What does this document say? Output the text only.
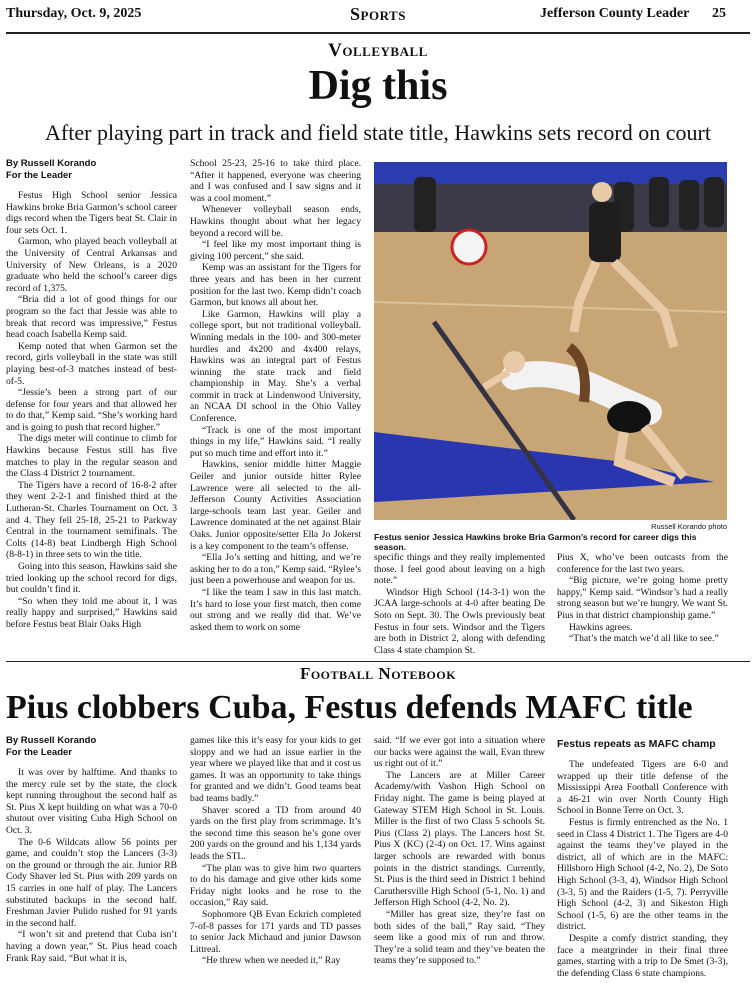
Thursday, Oct. 9, 2025	Sports	Jefferson County Leader 25
Volleyball
Dig this
After playing part in track and field state title, Hawkins sets record on court

By Russell Korando
For the Leader

Festus High School senior Jessica Hawkins broke Bria Garmon’s school career digs record when the Tigers beat St. Clair in four sets Oct. 1.

Garmon, who played beach volleyball at the University of Central Arkansas and University of New Orleans, is a 2020 graduate who held the school’s career digs record of 1,375.

“Bria did a lot of good things for our program so the fact that Jessie was able to break that record was impressive,” Festus head coach Isabella Kemp said.

Kemp noted that when Garmon set the record, girls volleyball in the state was still playing best-of-3 matches instead of best-of-5.

“Jessie’s been a strong part of our defense for four years and that allowed her to do that,” Kemp said. “She’s working hard and is going to push that record higher.”

The digs meter will continue to climb for Hawkins because Festus still has five matches to play in the regular season and the Class 4 District 2 tournament.

The Tigers have a record of 16-8-2 after they went 2-2-1 and finished third at the Lutheran-St. Charles Tournament on Oct. 3 and 4. They fell 25-18, 25-21 to Parkway Central in the tournament semifinals. The Colts (14-8) beat Lindbergh High School (8-8-1) in three sets to win the title.

Going into this season, Hawkins said she tried looking up the school record for digs, but couldn’t find it.

“So when they told me about it, I was really happy and surprised,” Hawkins said before Festus beat Blair Oaks High

School 25-23, 25-16 to take third place. “After it happened, everyone was cheering and I was confused and I saw signs and it was a cool moment.”

Whenever volleyball season ends, Hawkins thought about what her legacy beyond a record will be.

“I feel like my most important thing is giving 100 percent,” she said.

Kemp was an assistant for the Tigers for three years and has been in her current position for the last two. Kemp didn’t coach Garmon, but knows all about her.

Like Garmon, Hawkins will play a college sport, but not traditional volleyball. Winning medals in the 100- and 300-meter hurdles and 4x200 and 4x400 relays, Hawkins was an integral part of Festus winning the state track and field championship in May. She’s a verbal commit in track at Lindenwood University, an NCAA DI school in the Ohio Valley Conference.

“Track is one of the most important things in my life,” Hawkins said. “I really put so much time and effort into it.”

Hawkins, senior middle hitter Maggie Geiler and junior outside hitter Rylee Lawrence were all selected to the all-Jefferson County Activities Association large-schools team last year. Geiler and Lawrence dominated at the net against Blair Oaks. Junior opposite/setter Ella Jo Jokerst is a key component to the team’s offense.

“Ella Jo’s setting and hitting, and we’re asking her to do a ton,” Kemp said. “Rylee’s just been a powerhouse and weapon for us.

“I like the team I saw in this last match. It’s hard to lose your first match, then come out strong and we really did that. We’ve asked them to work on some

Russell Korando photo
Festus senior Jessica Hawkins broke Bria Garmon’s record for career digs this season.

specific things and they really implemented those. I feel good about leaving on a high note.”

Windsor High School (14-3-1) won the JCAA large-schools at 4-0 after beating De Soto on Sept. 30. The Owls previously beat Festus in four sets. Windsor and the Tigers are both in District 2, along with defending Class 4 state champion St.

Pius X, who’ve been outcasts from the conference for the last two years.

“Big picture, we’re going home pretty happy,” Kemp said. “Windsor’s had a really strong season but we’re hungry. We want St. Pius in that district championship game.”

Hawkins agrees.

“That’s the match we’d all like to see.”

Football Notebook
Pius clobbers Cuba, Festus defends MAFC title

By Russell Korando
For the Leader

It was over by halftime. And thanks to the mercy rule set by the state, the clock kept running throughout the second half as St. Pius X kept building on what was a 70-0 shutout over visiting Cuba High School on Oct. 3.

The 0-6 Wildcats allow 56 points per game, and couldn’t stop the Lancers (3-3) on the ground or through the air. Junior RB Cody Shaver led St. Pius with 209 yards on 15 carries in one half of play. The Lancers substituted backups in the second half. Freshman Javier Pulido rushed for 91 yards in the second half.

“I won’t sit and pretend that Cuba isn’t having a down year,” St. Pius head coach Frank Ray said. “But what it is,

games like this it’s easy for your kids to get sloppy and we had an issue earlier in the year where we played like that and it cost us games. It was an opportunity to take things for granted and we didn’t. Good teams beat bad teams badly.”

Shaver scored a TD from around 40 yards on the first play from scrimmage. It’s the second time this season he’s gone over 200 yards on the ground and his 1,134 yards leads the STL.

“The plan was to give him two quarters to do his damage and give other kids some Friday night looks and he rose to the occasion,” Ray said.

Sophomore QB Evan Eckrich completed 7-of-8 passes for 171 yards and TD passes to senior Jack Michaud and junior Dawson Littreal.

“He threw when we needed it,” Ray

said. “If we ever got into a situation where our backs were against the wall, Evan threw us right out of it.”

The Lancers are at Miller Career Academy/with Vashon High School on Friday night. The game is being played at Gateway STEM High School in St. Louis. Miller is the first of two Class 5 schools St. Pius (Class 2) plays. The Lancers host St. Pius X (KC) (2-4) on Oct. 17. Wins against larger schools are rewarded with bonus points in the district standings. Currently, St. Pius is the third seed in District 1 behind Caruthersville High School (5-1, No. 1) and Jefferson High School (4-2, No. 2).

“Miller has great size, they’re fast on both sides of the ball,” Ray said. “They seem like a good mix of run and throw. They’re a solid team and they’ve beaten the teams they’re supposed to.”

Festus repeats as MAFC champ

The undefeated Tigers are 6-0 and wrapped up their title defense of the Mississippi Area Football Conference with a 46-21 win over North County High School in Bonne Terre on Oct. 3.

Festus is firmly entrenched as the No. 1 seed in Class 4 District 1. The Tigers are 4-0 against the teams they’ve played in the district, all of which are in the MAFC: Hillsboro High School (4-2, No. 2), De Soto High School (3-3, 4), Windsor High School (3-3, 5) and the Raiders (1-5, 7). Perryville High School (4-2, 3) and Sikeston High School (1-5, 6) are the other teams in the district.

Despite a comfy district standing, they face a meatgrinder in their final three games, starting with a trip to De Smet (3-3), the defending Class 6 state champions.
